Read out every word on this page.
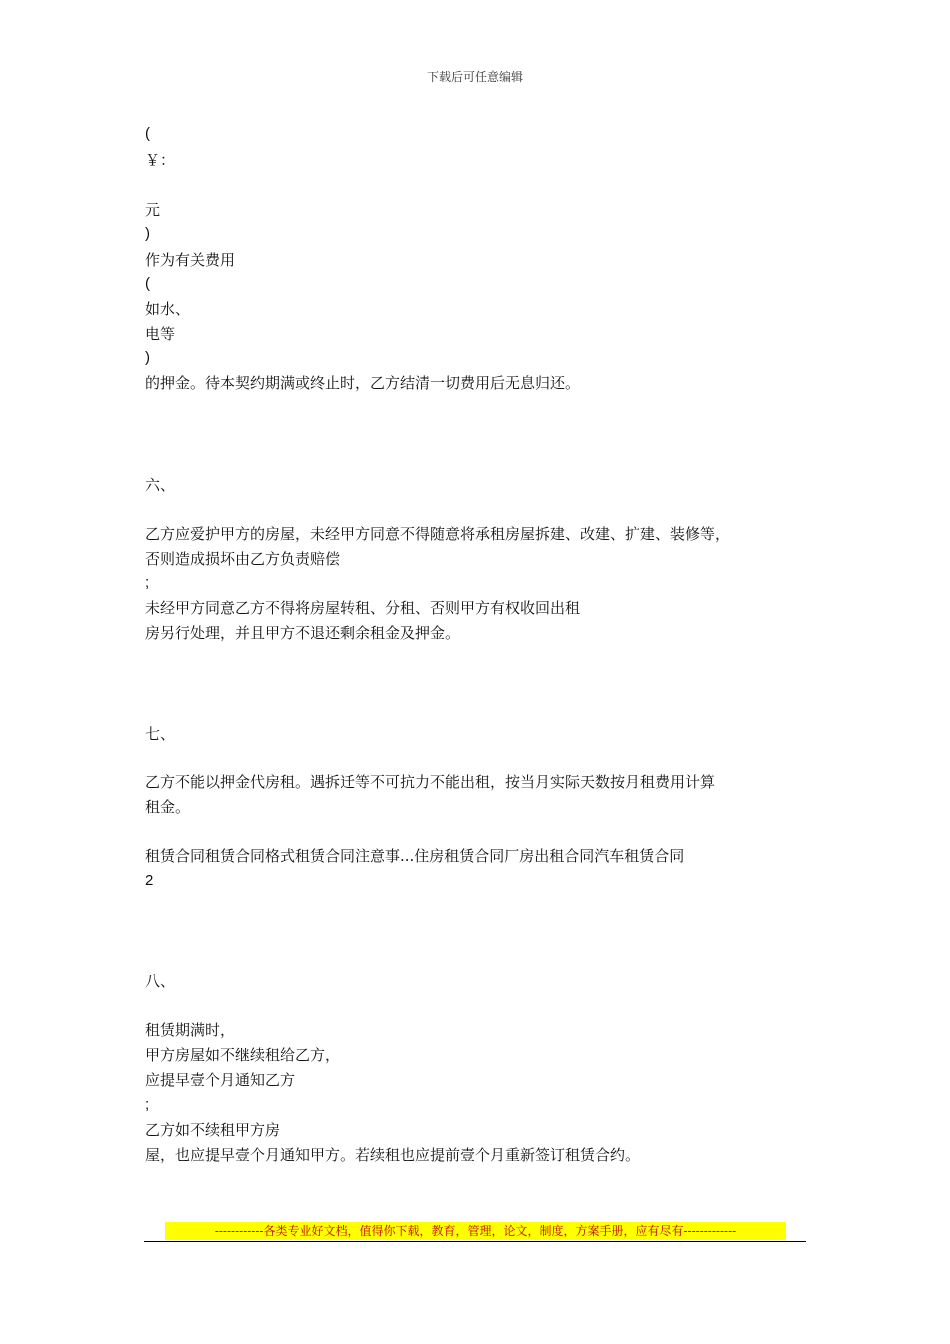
下载后可任意编辑
(
￥：
元
)
作为有关费用
(
如水、
电等
)
的押金。待本契约期满或终止时，乙方结清一切费用后无息归还。
六、
乙方应爱护甲方的房屋，未经甲方同意不得随意将承租房屋拆建、改建、扩建、装修等，
否则造成损坏由乙方负责赔偿
;
未经甲方同意乙方不得将房屋转租、分租、否则甲方有权收回出租
房另行处理，并且甲方不退还剩余租金及押金。
七、
乙方不能以押金代房租。遇拆迁等不可抗力不能出租，按当月实际天数按月租费用计算
租金。
租赁合同租赁合同格式租赁合同注意事...住房租赁合同厂房出租合同汽车租赁合同
2
八、
租赁期满时，
甲方房屋如不继续租给乙方，
应提早壹个月通知乙方
;
乙方如不续租甲方房
屋，也应提早壹个月通知甲方。若续租也应提前壹个月重新签订租赁合约。
------------各类专业好文档，值得你下载，教育，管理，论文，制度，方案手册，应有尽有-------------
